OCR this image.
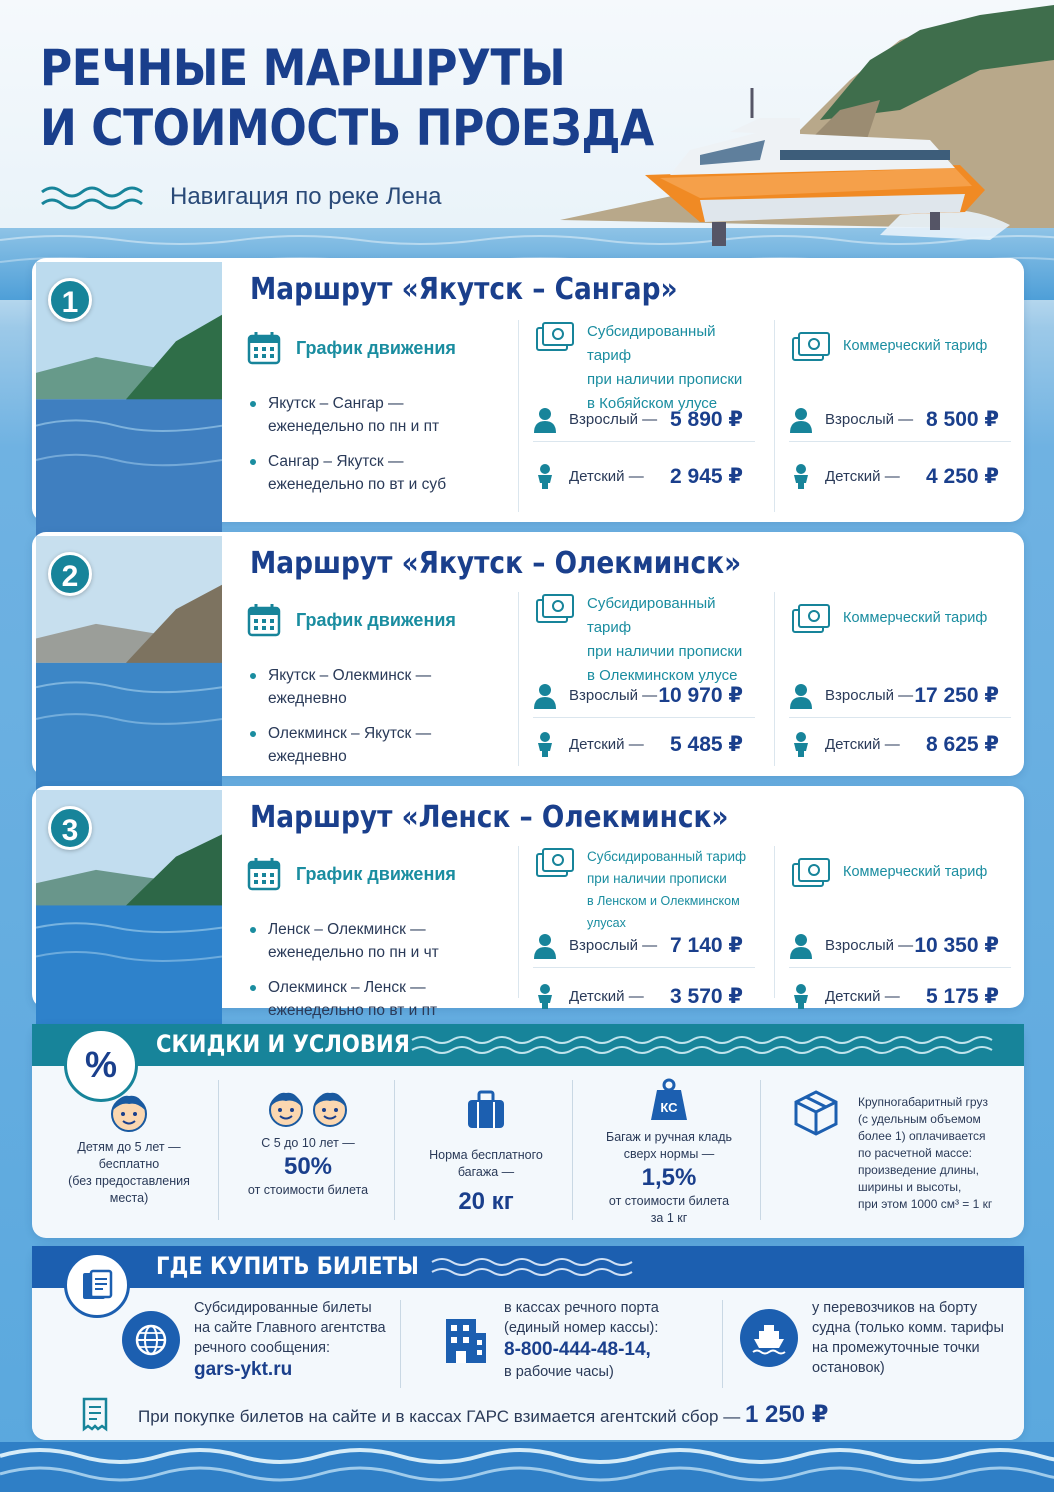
РЕЧНЫЕ МАРШРУТЫ
И СТОИМОСТЬ ПРОЕЗДА
Навигация по реке Лена
1	Маршрут «Якутск – Сангар»
График движения
Якутск – Сангар —
еженедельно по пн и пт
Сангар – Якутск —
еженедельно по вт и суб
Субсидированный тариф
при наличии прописки
в Кобяйском улусе
Взрослый — 5 890 ₽
Детский —	2 945 ₽
Коммерческий тариф
Взрослый — 8 500 ₽
Детский —	4 250 ₽
2	Маршрут «Якутск – Олекминск»
График движения
Якутск – Олекминск —
ежедневно
Олекминск – Якутск —
ежедневно
Субсидированный тариф
при наличии прописки
в Олекминском улусе
Взрослый — 10 970 ₽
Детский —	5 485 ₽
Коммерческий тариф
Взрослый — 17 250 ₽
Детский —	8 625 ₽
3	Маршрут «Ленск – Олекминск»
График движения
Ленск – Олекминск —
еженедельно по пн и чт
Олекминск – Ленск —
еженедельно по вт и пт
Субсидированный тариф
при наличии прописки
в Ленском и Олекминском улусах
Взрослый — 7 140 ₽
Детский —	3 570 ₽
Коммерческий тариф
Взрослый — 10 350 ₽
Детский —	5 175 ₽
% СКИДКИ И УСЛОВИЯ
Детям до 5 лет —
бесплатно
(без предоставления
места)
С 5 до 10 лет —
50%
от стоимости билета
Норма бесплатного
багажа —
20 кг
КС
Багаж и ручная кладь
сверх нормы —
1,5%
от стоимости билета
за 1 кг
Крупногабаритный груз
(с удельным объемом
более 1) оплачивается
по расчетной массе:
произведение длины,
ширины и высоты,
при этом 1000 см³ = 1 кг
ГДЕ КУПИТЬ БИЛЕТЫ
Субсидированные билеты
на сайте Главного агентства
речного сообщения:
gars-ykt.ru
в кассах речного порта
(единый номер кассы):
8-800-444-48-14,
в рабочие часы)
у перевозчиков на борту
судна (только комм. тарифы
на промежуточные точки
остановок)
При покупке билетов на сайте и в кассах ГАРС взимается агентский сбор — 1 250 ₽
